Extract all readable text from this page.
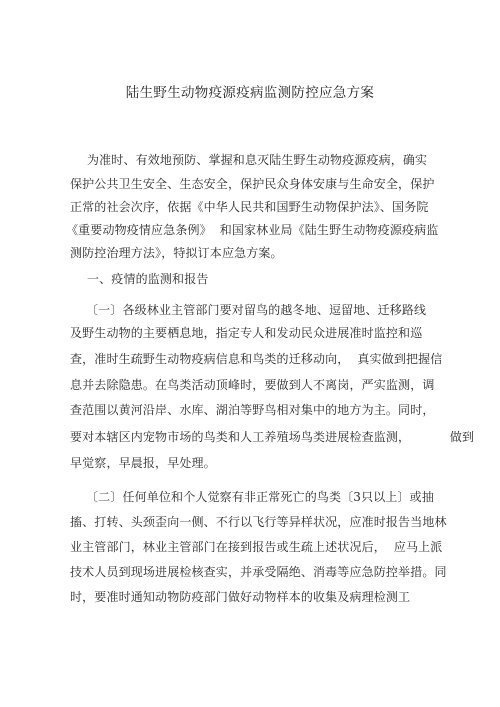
陆生野生动物疫源疫病监测防控应急方案
为准时、有效地预防、掌握和息灭陆生野生动物疫源疫病，确实
保护公共卫生安全、生态安全，保护民众身体安康与生命安全，保护
正常的社会次序，依据《中华人民共和国野生动物保护法》、国务院
《重要动物疫情应急条例》  和国家林业局《陆生野生动物疫源疫病监
测防控治理方法》，特拟订本应急方案。
一、疫情的监测和报告
〔一〕各级林业主管部门要对留鸟的越冬地、逗留地、迁移路线
及野生动物的主要栖息地，指定专人和发动民众进展准时监控和巡
查，准时生疏野生动物疫病信息和鸟类的迁移动向，  真实做到把握信
息并去除隐患。在鸟类活动顶峰时，要做到人不离岗，严实监测，调
查范围以黄河沿岸、水库、湖泊等野鸟相对集中的地方为主。同时，
要对本辖区内宠物市场的鸟类和人工养殖场鸟类进展检查监测，          做到
早觉察，早晨报，早处理。
〔二〕任何单位和个人觉察有非正常死亡的鸟类〔3只以上〕或抽
搐、打转、头颈歪向一侧、不行以飞行等异样状况，应准时报告当地林
业主管部门，林业主管部门在接到报告或生疏上述状况后，  应马上派
技术人员到现场进展检核查实，并承受隔绝、消毒等应急防控举措。同
时，要准时通知动物防疫部门做好动物样本的收集及病理检测工
